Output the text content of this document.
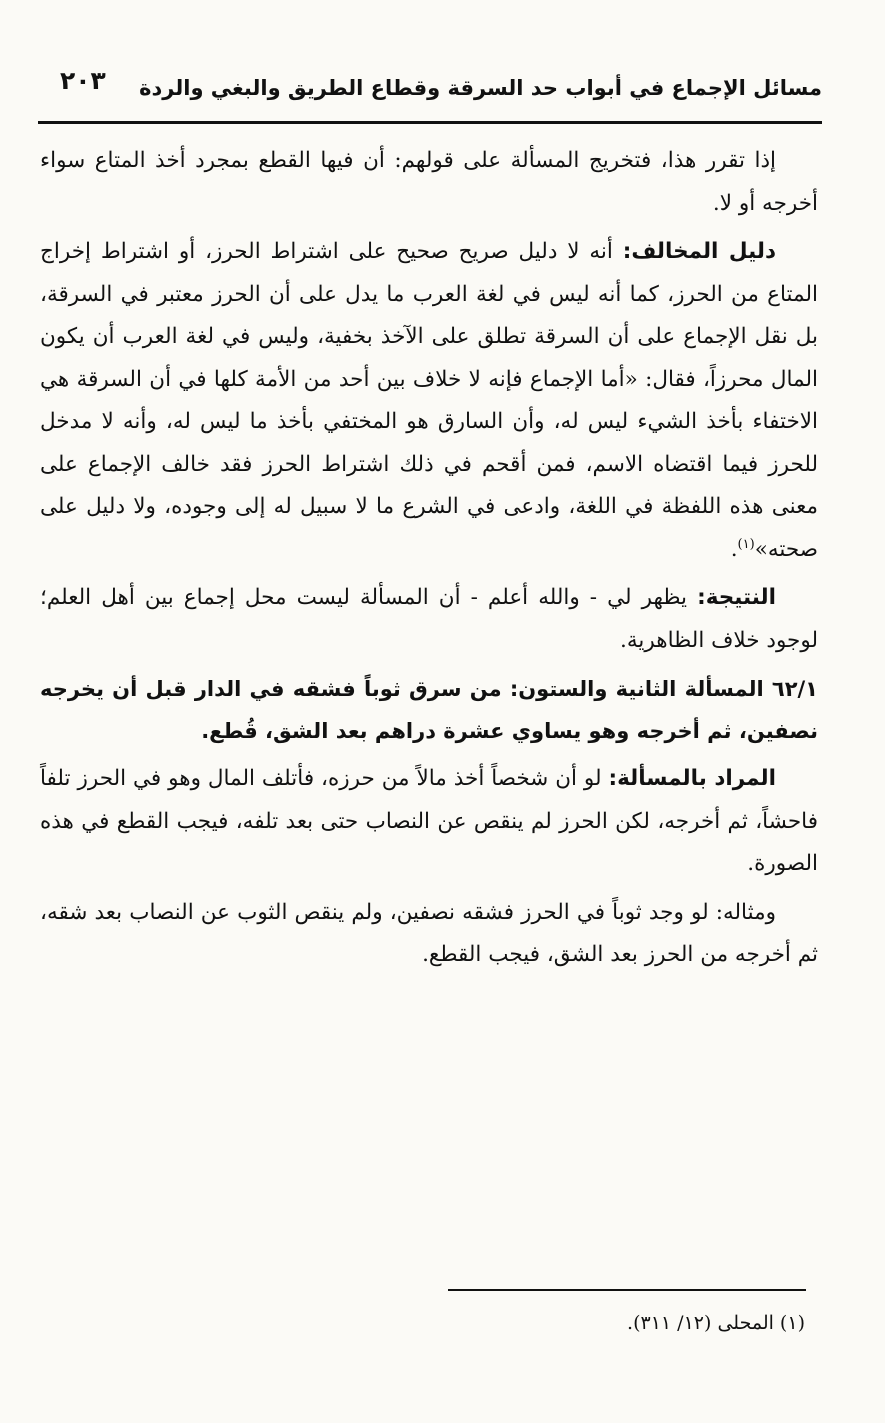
مسائل الإجماع في أبواب حد السرقة وقطاع الطريق والبغي والردة
٢٠٣

إذا تقرر هذا، فتخريج المسألة على قولهم: أن فيها القطع بمجرد أخذ المتاع سواء أخرجه أو لا.

دليل المخالف: أنه لا دليل صريح صحيح على اشتراط الحرز، أو اشتراط إخراج المتاع من الحرز، كما أنه ليس في لغة العرب ما يدل على أن الحرز معتبر في السرقة، بل نقل الإجماع على أن السرقة تطلق على الآخذ بخفية، وليس في لغة العرب أن يكون المال محرزاً، فقال: «أما الإجماع فإنه لا خلاف بين أحد من الأمة كلها في أن السرقة هي الاختفاء بأخذ الشيء ليس له، وأن السارق هو المختفي بأخذ ما ليس له، وأنه لا مدخل للحرز فيما اقتضاه الاسم، فمن أقحم في ذلك اشتراط الحرز فقد خالف الإجماع على معنى هذه اللفظة في اللغة، وادعى في الشرع ما لا سبيل له إلى وجوده، ولا دليل على صحته»$^{(١)}$.

النتيجة: يظهر لي - والله أعلم - أن المسألة ليست محل إجماع بين أهل العلم؛ لوجود خلاف الظاهرية.

٦٢/١ المسألة الثانية والستون: من سرق ثوباً فشقه في الدار قبل أن يخرجه نصفين، ثم أخرجه وهو يساوي عشرة دراهم بعد الشق، قُطع.

المراد بالمسألة: لو أن شخصاً أخذ مالاً من حرزه، فأتلف المال وهو في الحرز تلفاً فاحشاً، ثم أخرجه، لكن الحرز لم ينقص عن النصاب حتى بعد تلفه، فيجب القطع في هذه الصورة.

ومثاله: لو وجد ثوباً في الحرز فشقه نصفين، ولم ينقص الثوب عن النصاب بعد شقه، ثم أخرجه من الحرز بعد الشق، فيجب القطع.

(١) المحلى (١٢/ ٣١١).
